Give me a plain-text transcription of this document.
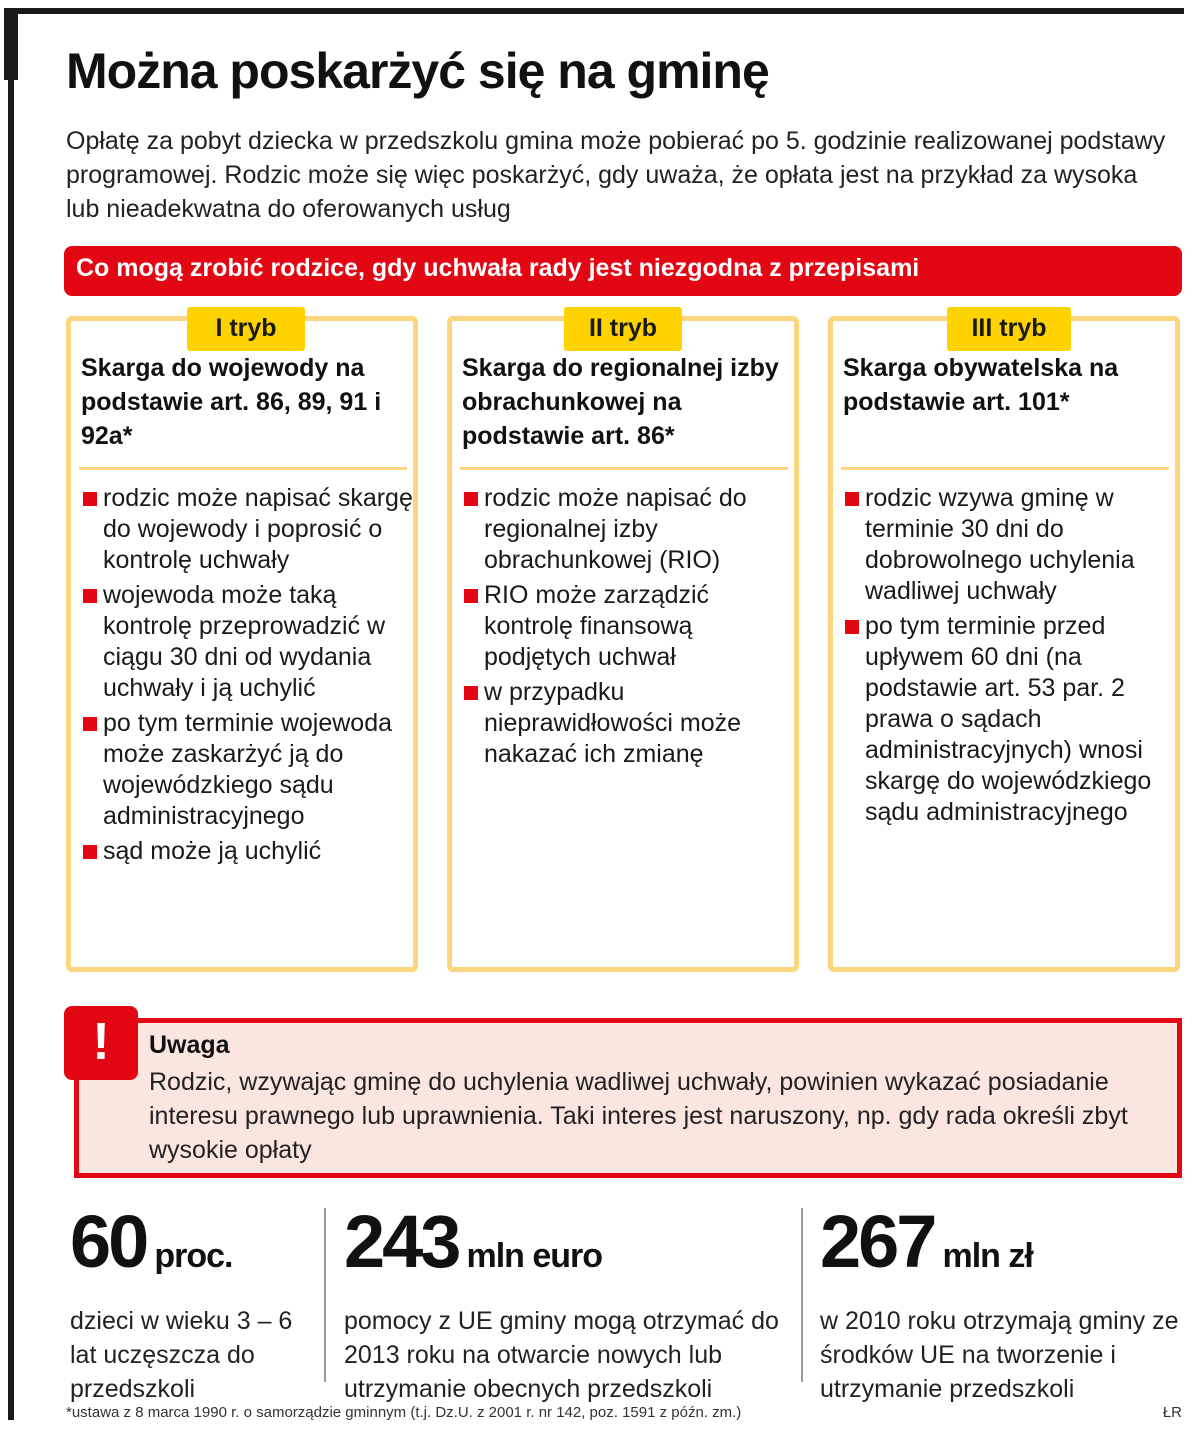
Można poskarżyć się na gminę

Opłatę za pobyt dziecka w przedszkolu gmina może pobierać po 5. godzinie realizowanej podstawy programowej. Rodzic może się więc poskarżyć, gdy uważa, że opłata jest na przykład za wysoka lub nieadekwatna do oferowanych usług

Co mogą zrobić rodzice, gdy uchwała rady jest niezgodna z przepisami
I tryb
Skarga do wojewody na podstawie art. 86, 89, 91 i 92a*
rodzic może napisać skargę do wojewody i poprosić o kontrolę uchwały
wojewoda może taką kontrolę przeprowadzić w ciągu 30 dni od wydania uchwały i ją uchylić
po tym terminie wojewoda może zaskarżyć ją do wojewódzkiego sądu administracyjnego
sąd może ją uchylić
II tryb
Skarga do regionalnej izby obrachunkowej na podstawie art. 86*
rodzic może napisać do regionalnej izby obrachunkowej (RIO)
RIO może zarządzić kontrolę finansową podjętych uchwał
w przypadku nieprawidłowości może nakazać ich zmianę
III tryb
Skarga obywatelska na podstawie art. 101*
rodzic wzywa gminę w terminie 30 dni do dobrowolnego uchylenia wadliwej uchwały
po tym terminie przed upływem 60 dni (na podstawie art. 53 par. 2 prawa o sądach administracyjnych) wnosi skargę do wojewódzkiego sądu administracyjnego
Uwaga
Rodzic, wzywając gminę do uchylenia wadliwej uchwały, powinien wykazać posiadanie interesu prawnego lub uprawnienia. Taki interes jest naruszony, np. gdy rada określi zbyt wysokie opłaty
!
60 proc.
dzieci w wieku 3 – 6 lat uczęszcza do przedszkoli
243 mln euro
pomocy z UE gminy mogą otrzymać do 2013 roku na otwarcie nowych lub utrzymanie obecnych przedszkoli
267 mln zł
w 2010 roku otrzymają gminy ze środków UE na tworzenie i utrzymanie przedszkoli
*ustawa z 8 marca 1990 r. o samorządzie gminnym (t.j. Dz.U. z 2001 r. nr 142, poz. 1591 z późn. zm.)	ŁR
